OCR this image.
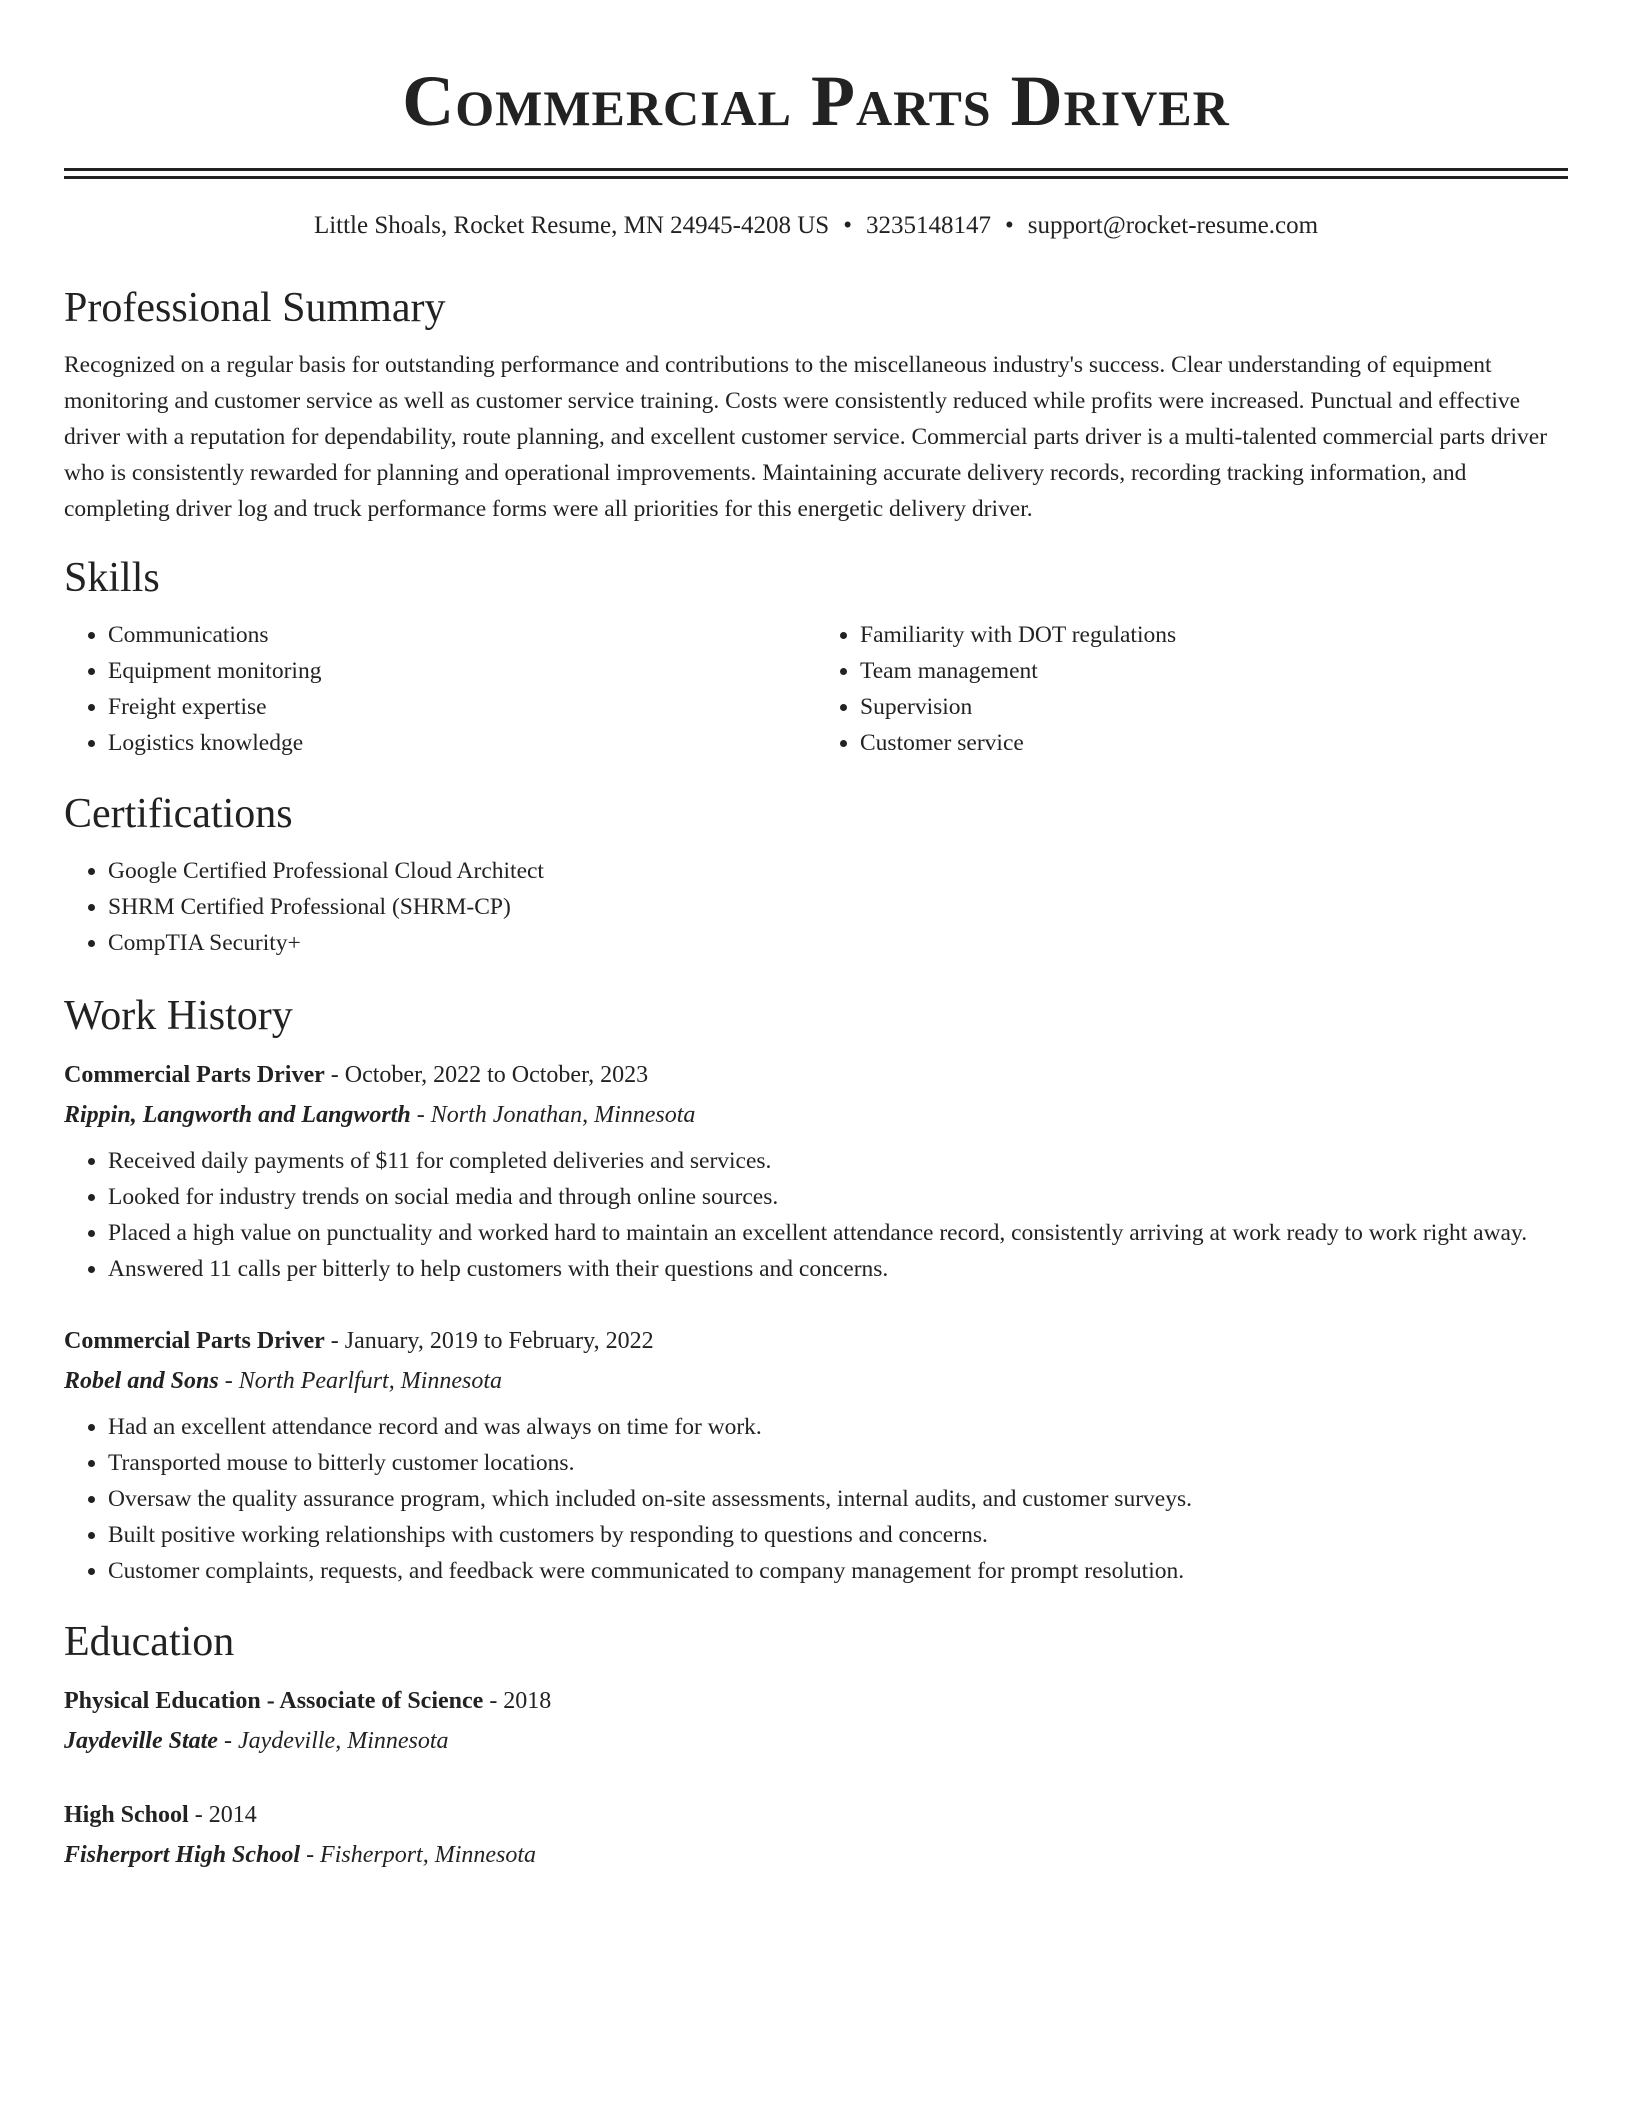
Commercial Parts Driver
Little Shoals, Rocket Resume, MN 24945-4208 US • 3235148147 • support@rocket-resume.com
Professional Summary

Recognized on a regular basis for outstanding performance and contributions to the miscellaneous industry's success. Clear understanding of equipment monitoring and customer service as well as customer service training. Costs were consistently reduced while profits were increased. Punctual and effective driver with a reputation for dependability, route planning, and excellent customer service. Commercial parts driver is a multi-talented commercial parts driver who is consistently rewarded for planning and operational improvements. Maintaining accurate delivery records, recording tracking information, and completing driver log and truck performance forms were all priorities for this energetic delivery driver.

Skills
• Communications
• Equipment monitoring
• Freight expertise
• Logistics knowledge
• Familiarity with DOT regulations
• Team management
• Supervision
• Customer service
Certifications
• Google Certified Professional Cloud Architect
• SHRM Certified Professional (SHRM-CP)
• CompTIA Security+
Work History
Commercial Parts Driver - October, 2022 to October, 2023
Rippin, Langworth and Langworth - North Jonathan, Minnesota
• Received daily payments of $11 for completed deliveries and services.
• Looked for industry trends on social media and through online sources.
• Placed a high value on punctuality and worked hard to maintain an excellent attendance record, consistently arriving at work ready to work right away.
• Answered 11 calls per bitterly to help customers with their questions and concerns.
Commercial Parts Driver - January, 2019 to February, 2022
Robel and Sons - North Pearlfurt, Minnesota
• Had an excellent attendance record and was always on time for work.
• Transported mouse to bitterly customer locations.
• Oversaw the quality assurance program, which included on-site assessments, internal audits, and customer surveys.
• Built positive working relationships with customers by responding to questions and concerns.
• Customer complaints, requests, and feedback were communicated to company management for prompt resolution.
Education
Physical Education - Associate of Science - 2018
Jaydeville State - Jaydeville, Minnesota
High School - 2014
Fisherport High School - Fisherport, Minnesota
